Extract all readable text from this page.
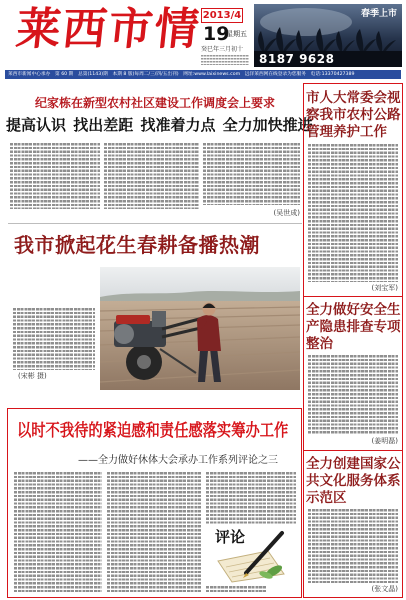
莱西市情 2013/4
19
星期五
癸巳年三月初十
春季上市
8187 9628
莱西市新闻中心承办　第 60 期　总第(1143)期　本期 8 版(每周二/三/四/五出刊)　网址:www.laixinews.com　远洋莱西网在线登录为您服务　电话:13370427389
纪家栋在新型农村社区建设工作调度会上要求
提高认识 找出差距 找准着力点 全力加快推进
(吴世成)
我市掀起花生春耕备播热潮
(宋彬 摄)
以时不我待的紧迫感和责任感落实筹办工作
——全力做好休体大会承办工作系列评论之三
评论
市人大常委会视察我市农村公路管理养护工作
(刘宝军)
全力做好安全生产隐患排查专项整治
(姜明磊)
全力创建国家公共文化服务体系示范区
(张文晶)
